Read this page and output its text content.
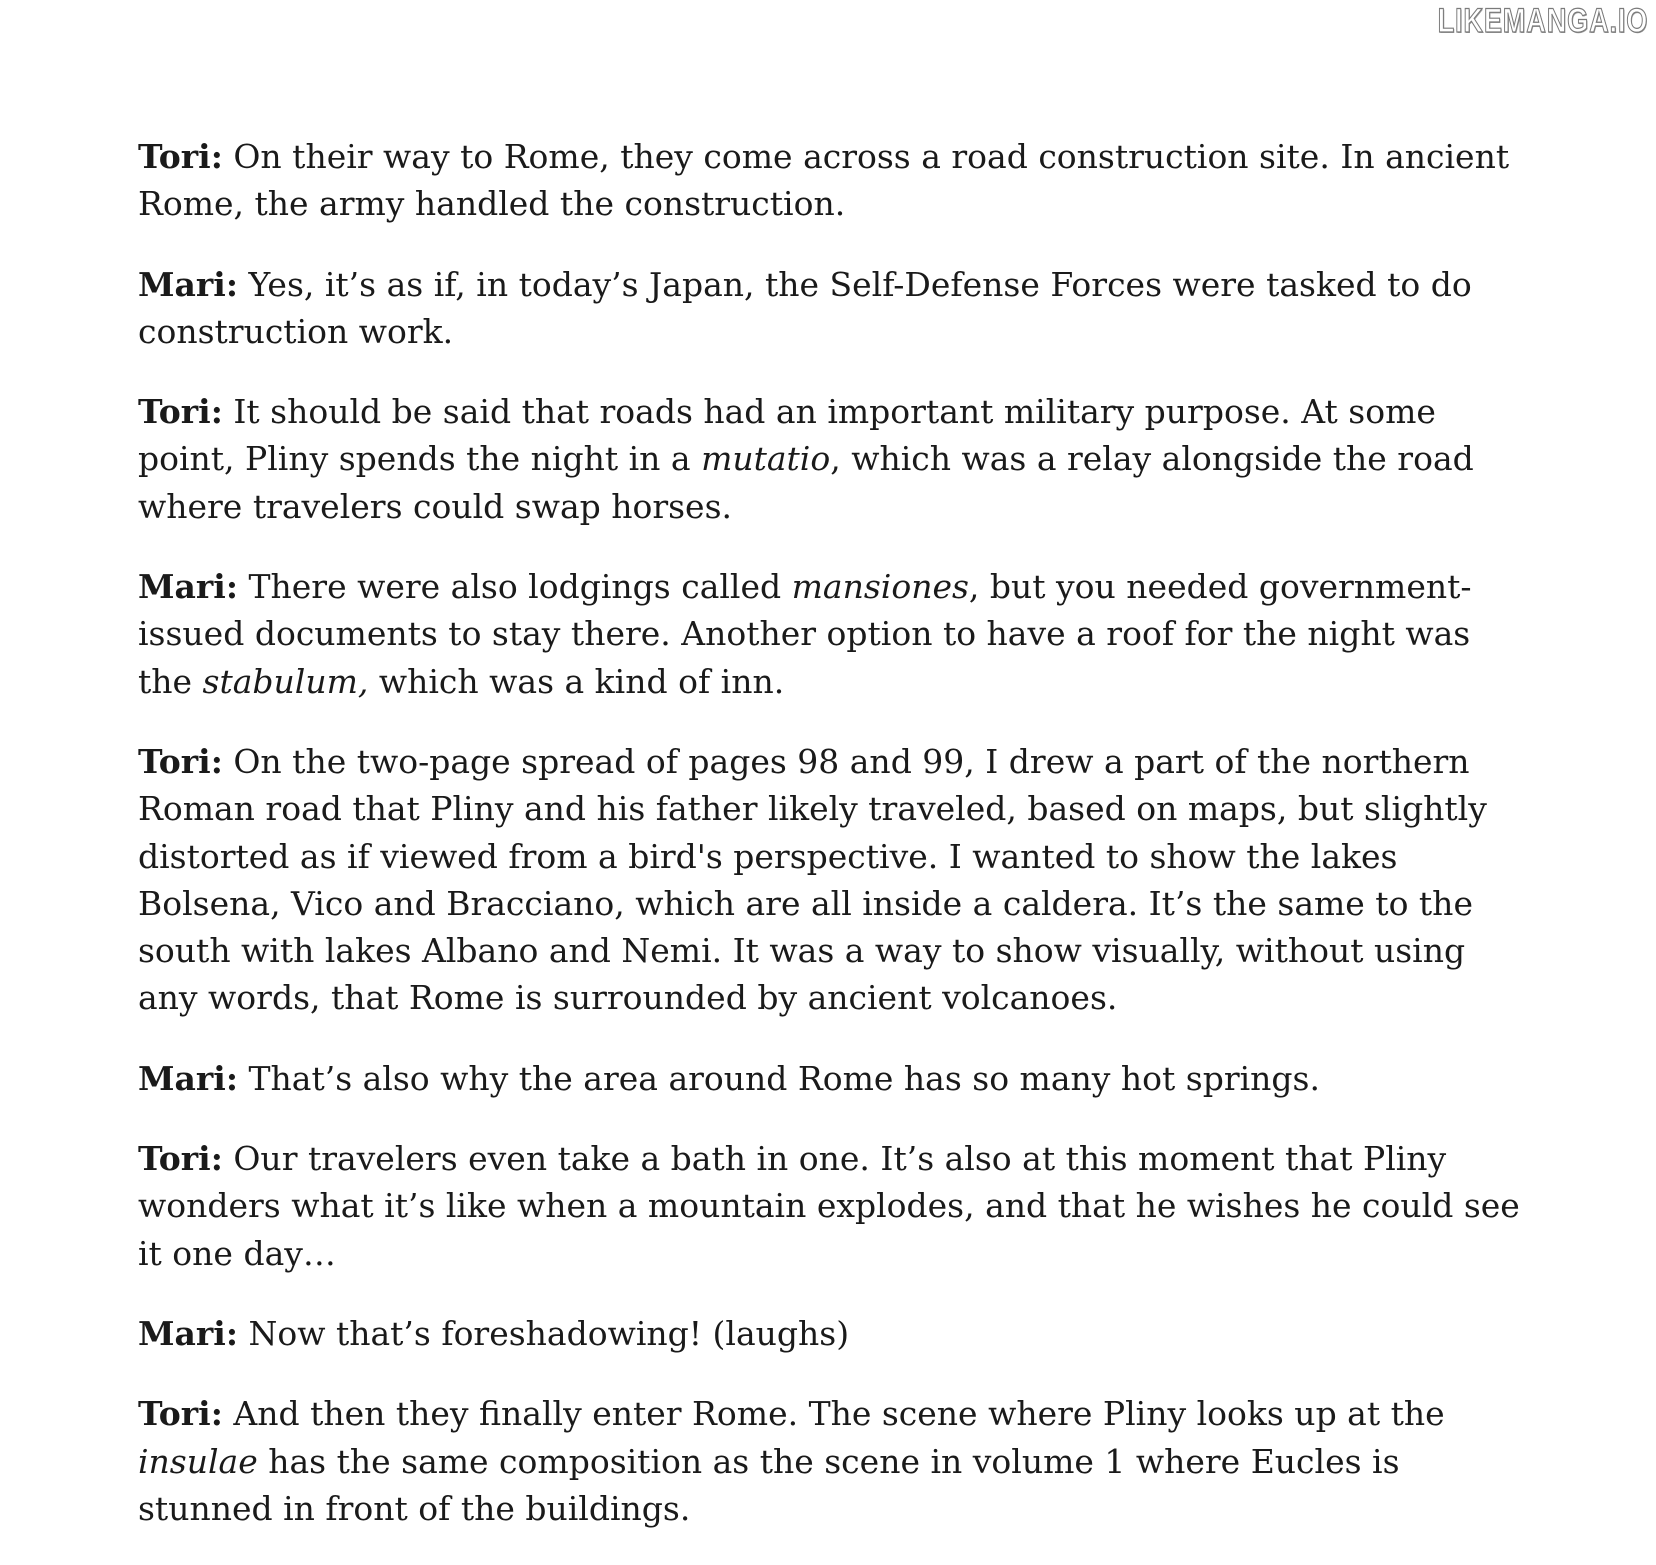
LIKEMANGA.IO

Tori: On their way to Rome, they come across a road construction site. In ancient Rome, the army handled the construction.

Mari: Yes, it’s as if, in today’s Japan, the Self-Defense Forces were tasked to do construction work.

Tori: It should be said that roads had an important military purpose. At some point, Pliny spends the night in a mutatio, which was a relay alongside the road where travelers could swap horses.

Mari: There were also lodgings called mansiones, but you needed government-issued documents to stay there. Another option to have a roof for the night was the stabulum, which was a kind of inn.

Tori: On the two-page spread of pages 98 and 99, I drew a part of the northern Roman road that Pliny and his father likely traveled, based on maps, but slightly distorted as if viewed from a bird's perspective. I wanted to show the lakes Bolsena, Vico and Bracciano, which are all inside a caldera. It’s the same to the south with lakes Albano and Nemi. It was a way to show visually, without using any words, that Rome is surrounded by ancient volcanoes.

Mari: That’s also why the area around Rome has so many hot springs.

Tori: Our travelers even take a bath in one. It’s also at this moment that Pliny wonders what it’s like when a mountain explodes, and that he wishes he could see it one day…

Mari: Now that’s foreshadowing! (laughs)

Tori: And then they finally enter Rome. The scene where Pliny looks up at the insulae has the same composition as the scene in volume 1 where Eucles is stunned in front of the buildings.
